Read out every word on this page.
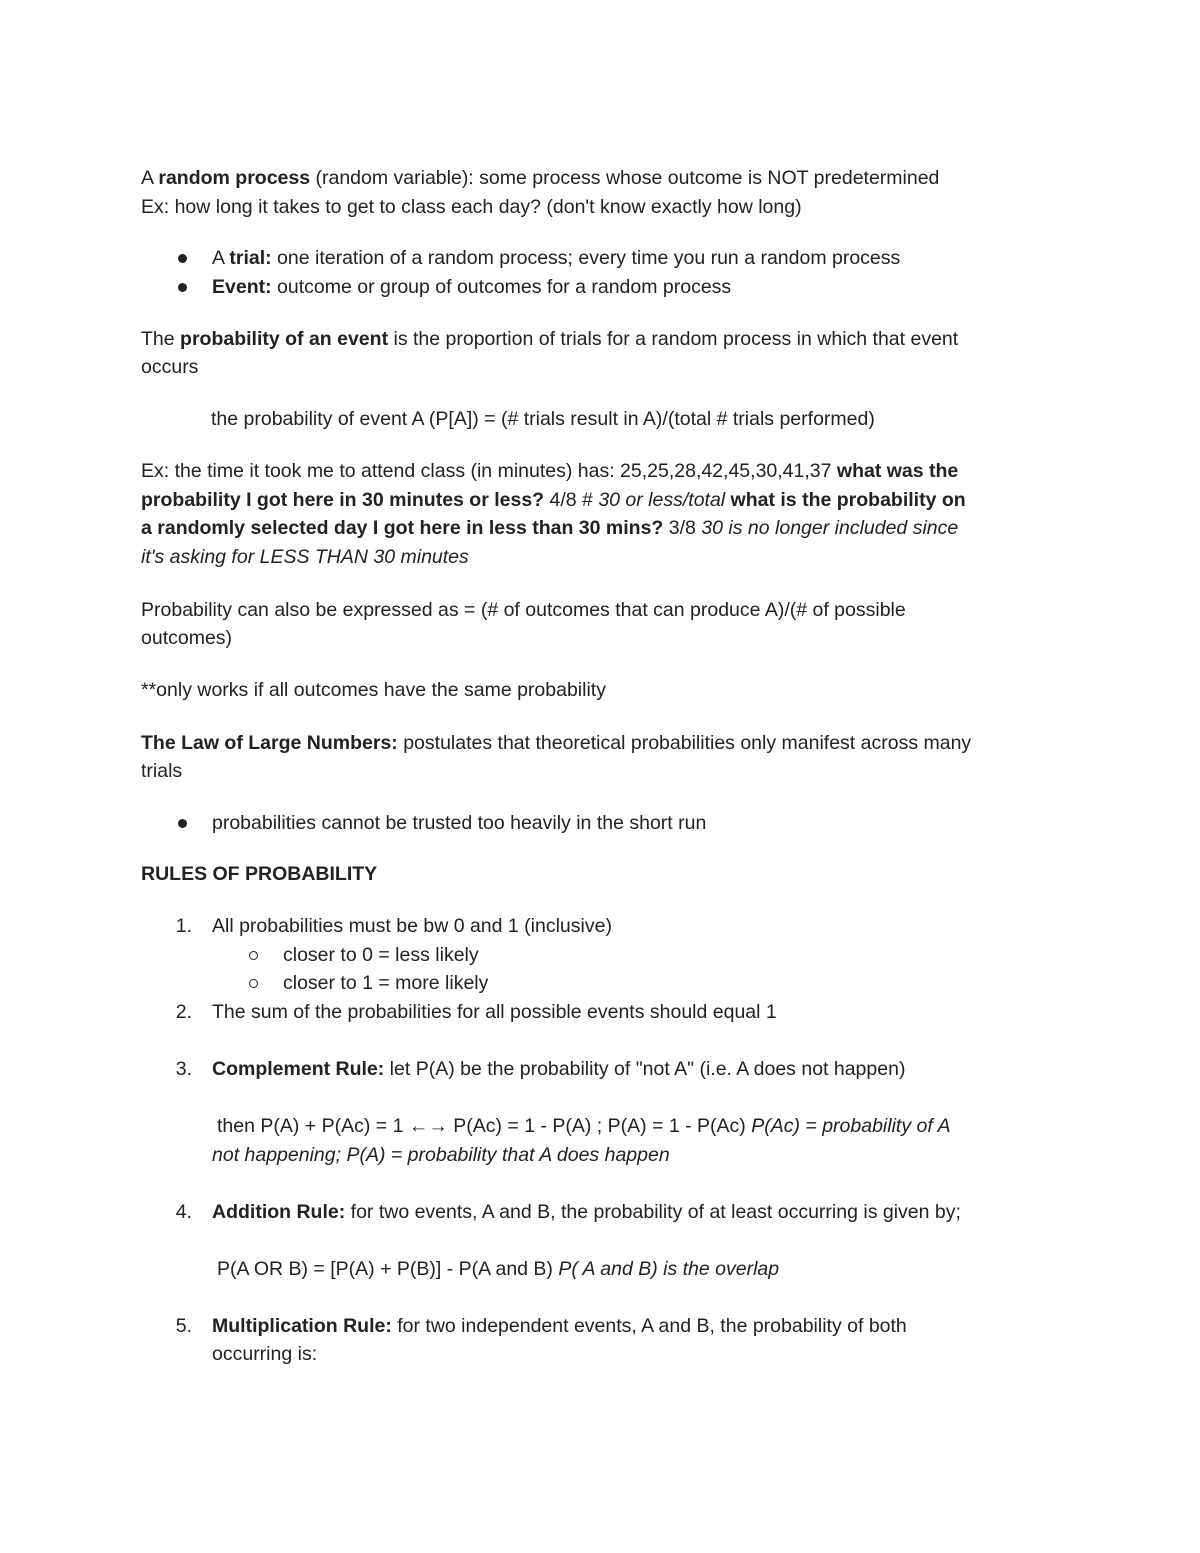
A random process (random variable): some process whose outcome is NOT predetermined
Ex: how long it takes to get to class each day? (don't know exactly how long)
A trial: one iteration of a random process; every time you run a random process
Event: outcome or group of outcomes for a random process
The probability of an event is the proportion of trials for a random process in which that event
occurs
the probability of event A (P[A]) = (# trials result in A)/(total # trials performed)
Ex: the time it took me to attend class (in minutes) has: 25,25,28,42,45,30,41,37 what was the
probability I got here in 30 minutes or less? 4/8 # 30 or less/total what is the probability on
a randomly selected day I got here in less than 30 mins? 3/8 30 is no longer included since
it's asking for LESS THAN 30 minutes
Probability can also be expressed as = (# of outcomes that can produce A)/(# of possible
outcomes)
**only works if all outcomes have the same probability
The Law of Large Numbers: postulates that theoretical probabilities only manifest across many
trials
probabilities cannot be trusted too heavily in the short run
RULES OF PROBABILITY
1. All probabilities must be bw 0 and 1 (inclusive)
closer to 0 = less likely
closer to 1 = more likely
2. The sum of the probabilities for all possible events should equal 1
3. Complement Rule: let P(A) be the probability of "not A" (i.e. A does not happen)
then P(A) + P(Ac) = 1 ←→ P(Ac) = 1 - P(A) ; P(A) = 1 - P(Ac) P(Ac) = probability of A
not happening; P(A) = probability that A does happen
4. Addition Rule: for two events, A and B, the probability of at least occurring is given by;
P(A OR B) = [P(A) + P(B)] - P(A and B) P( A and B) is the overlap
5. Multiplication Rule: for two independent events, A and B, the probability of both
occurring is:
